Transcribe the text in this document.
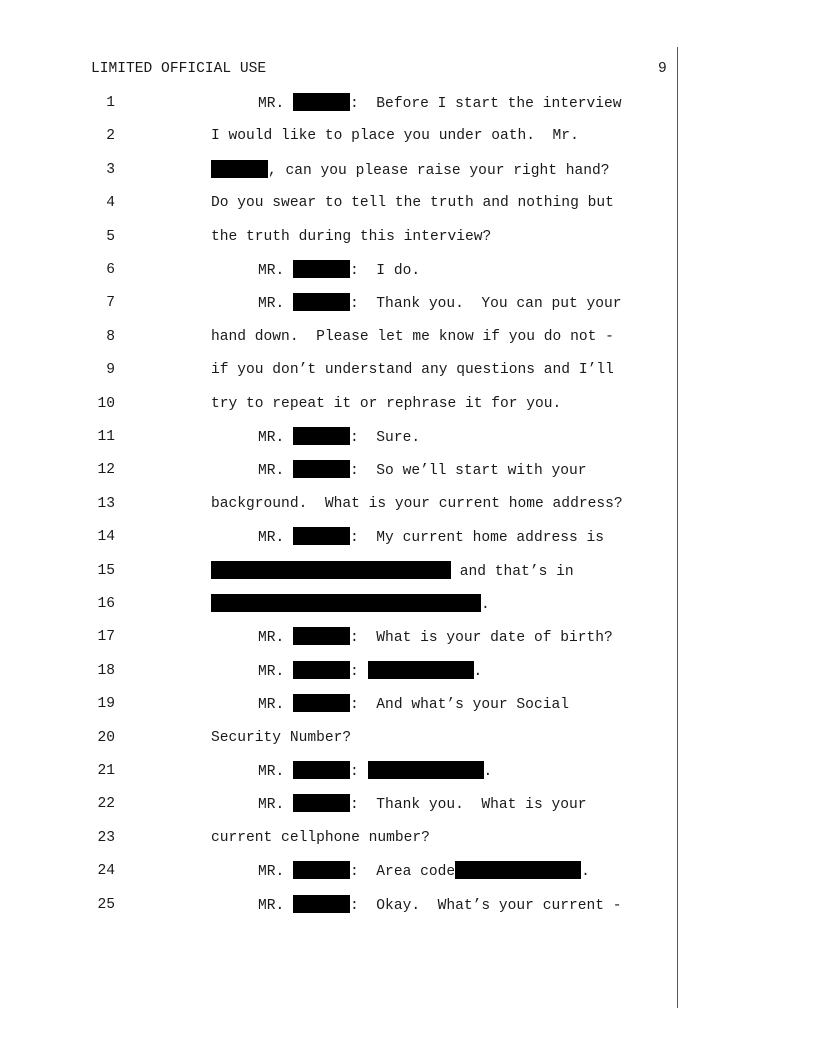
LIMITED OFFICIAL USE	9
1	MR.	:  Before I start the interview
2	I would like to place you under oath.  Mr.
3	, can you please raise your right hand?
4	Do you swear to tell the truth and nothing but
5	the truth during this interview?
6	MR.	:  I do.
7	MR.	:  Thank you.  You can put your
8	hand down.  Please let me know if you do not -
9	if you don’t understand any questions and I’ll
10	try to repeat it or rephrase it for you.
11	MR.	:  Sure.
12	MR.	:  So we’ll start with your
13	background.  What is your current home address?
14	MR.	:  My current home address is
15	and that’s in
16	.
17	MR.	:  What is your date of birth?
18	MR.	:	.
19	MR.	:  And what’s your Social
20	Security Number?
21	MR.	:	.
22	MR.	:  Thank you.  What is your
23	current cellphone number?
24	MR.	:  Area code	.
25	MR.	:  Okay.  What’s your current -
